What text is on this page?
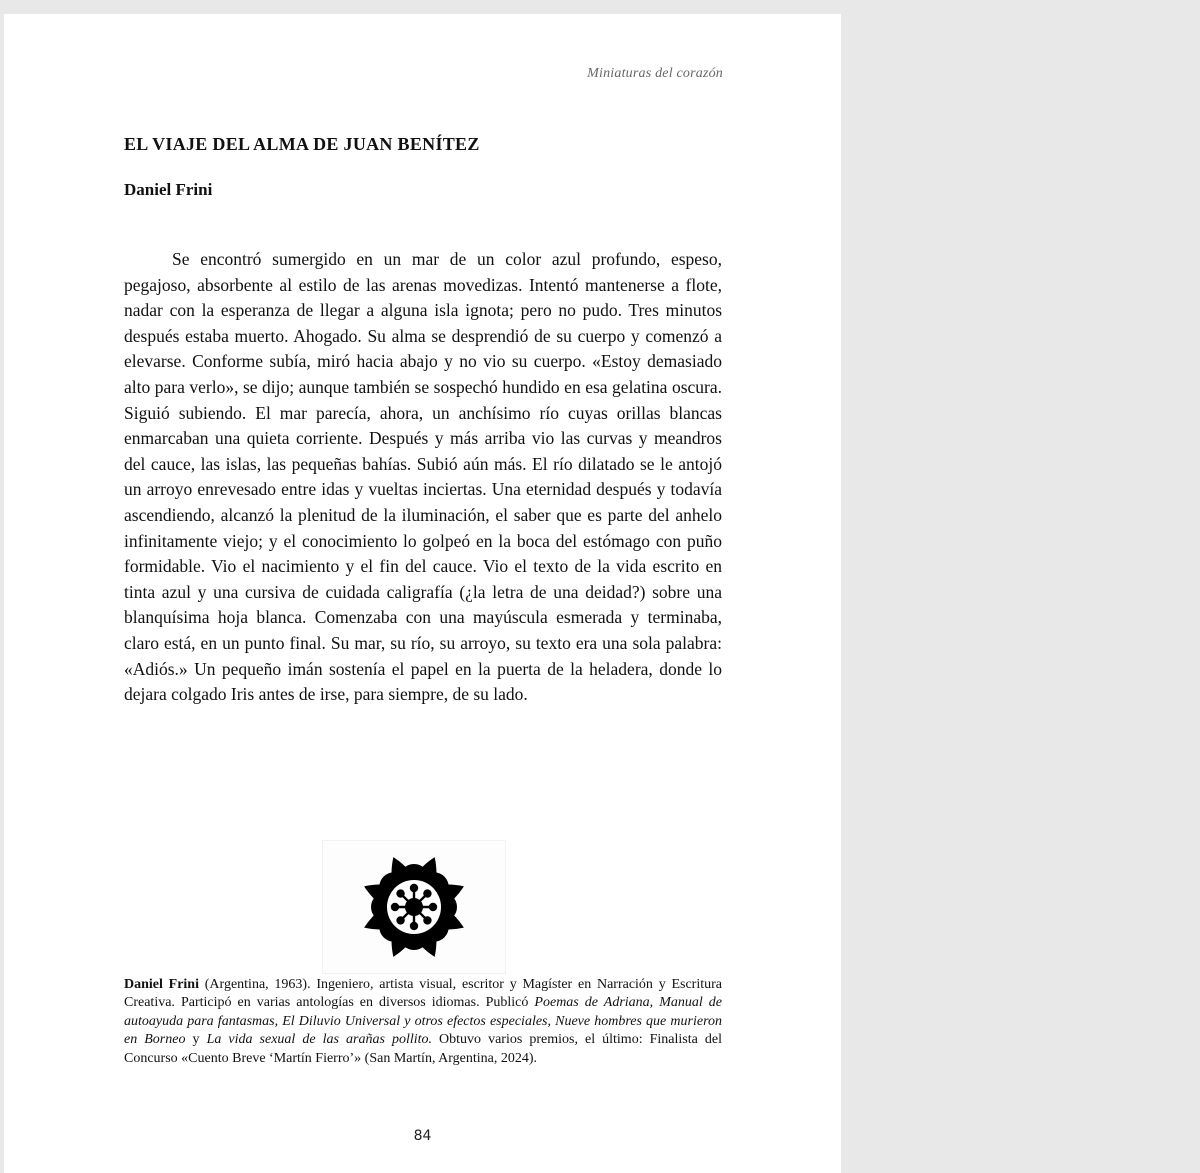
Miniaturas del corazón
EL VIAJE DEL ALMA DE JUAN BENÍTEZ
Daniel Frini

Se encontró sumergido en un mar de un color azul profundo, espeso, pegajoso, absorbente al estilo de las arenas movedizas. Intentó mantenerse a flote, nadar con la esperanza de llegar a alguna isla ignota; pero no pudo. Tres minutos después estaba muerto. Ahogado. Su alma se desprendió de su cuerpo y comenzó a elevarse. Conforme subía, miró hacia abajo y no vio su cuerpo. «Estoy demasiado alto para verlo», se dijo; aunque también se sospechó hundido en esa gelatina oscura. Siguió subiendo. El mar parecía, ahora, un anchísimo río cuyas orillas blancas enmarcaban una quieta corriente. Después y más arriba vio las curvas y meandros del cauce, las islas, las pequeñas bahías. Subió aún más. El río dilatado se le antojó un arroyo enrevesado entre idas y vueltas inciertas. Una eternidad después y todavía ascendiendo, alcanzó la plenitud de la iluminación, el saber que es parte del anhelo infinitamente viejo; y el conocimiento lo golpeó en la boca del estómago con puño formidable. Vio el nacimiento y el fin del cauce. Vio el texto de la vida escrito en tinta azul y una cursiva de cuidada caligrafía (¿la letra de una deidad?) sobre una blanquísima hoja blanca. Comenzaba con una mayúscula esmerada y terminaba, claro está, en un punto final. Su mar, su río, su arroyo, su texto era una sola palabra: «Adiós.» Un pequeño imán sostenía el papel en la puerta de la heladera, donde lo dejara colgado Iris antes de irse, para siempre, de su lado.

Daniel Frini (Argentina, 1963). Ingeniero, artista visual, escritor y Magíster en Narración y Escritura Creativa. Participó en varias antologías en diversos idiomas. Publicó Poemas de Adriana, Manual de autoayuda para fantasmas, El Diluvio Universal y otros efectos especiales, Nueve hombres que murieron en Borneo y La vida sexual de las arañas pollito. Obtuvo varios premios, el último: Finalista del Concurso «Cuento Breve ‘Martín Fierro’» (San Martín, Argentina, 2024).

84
